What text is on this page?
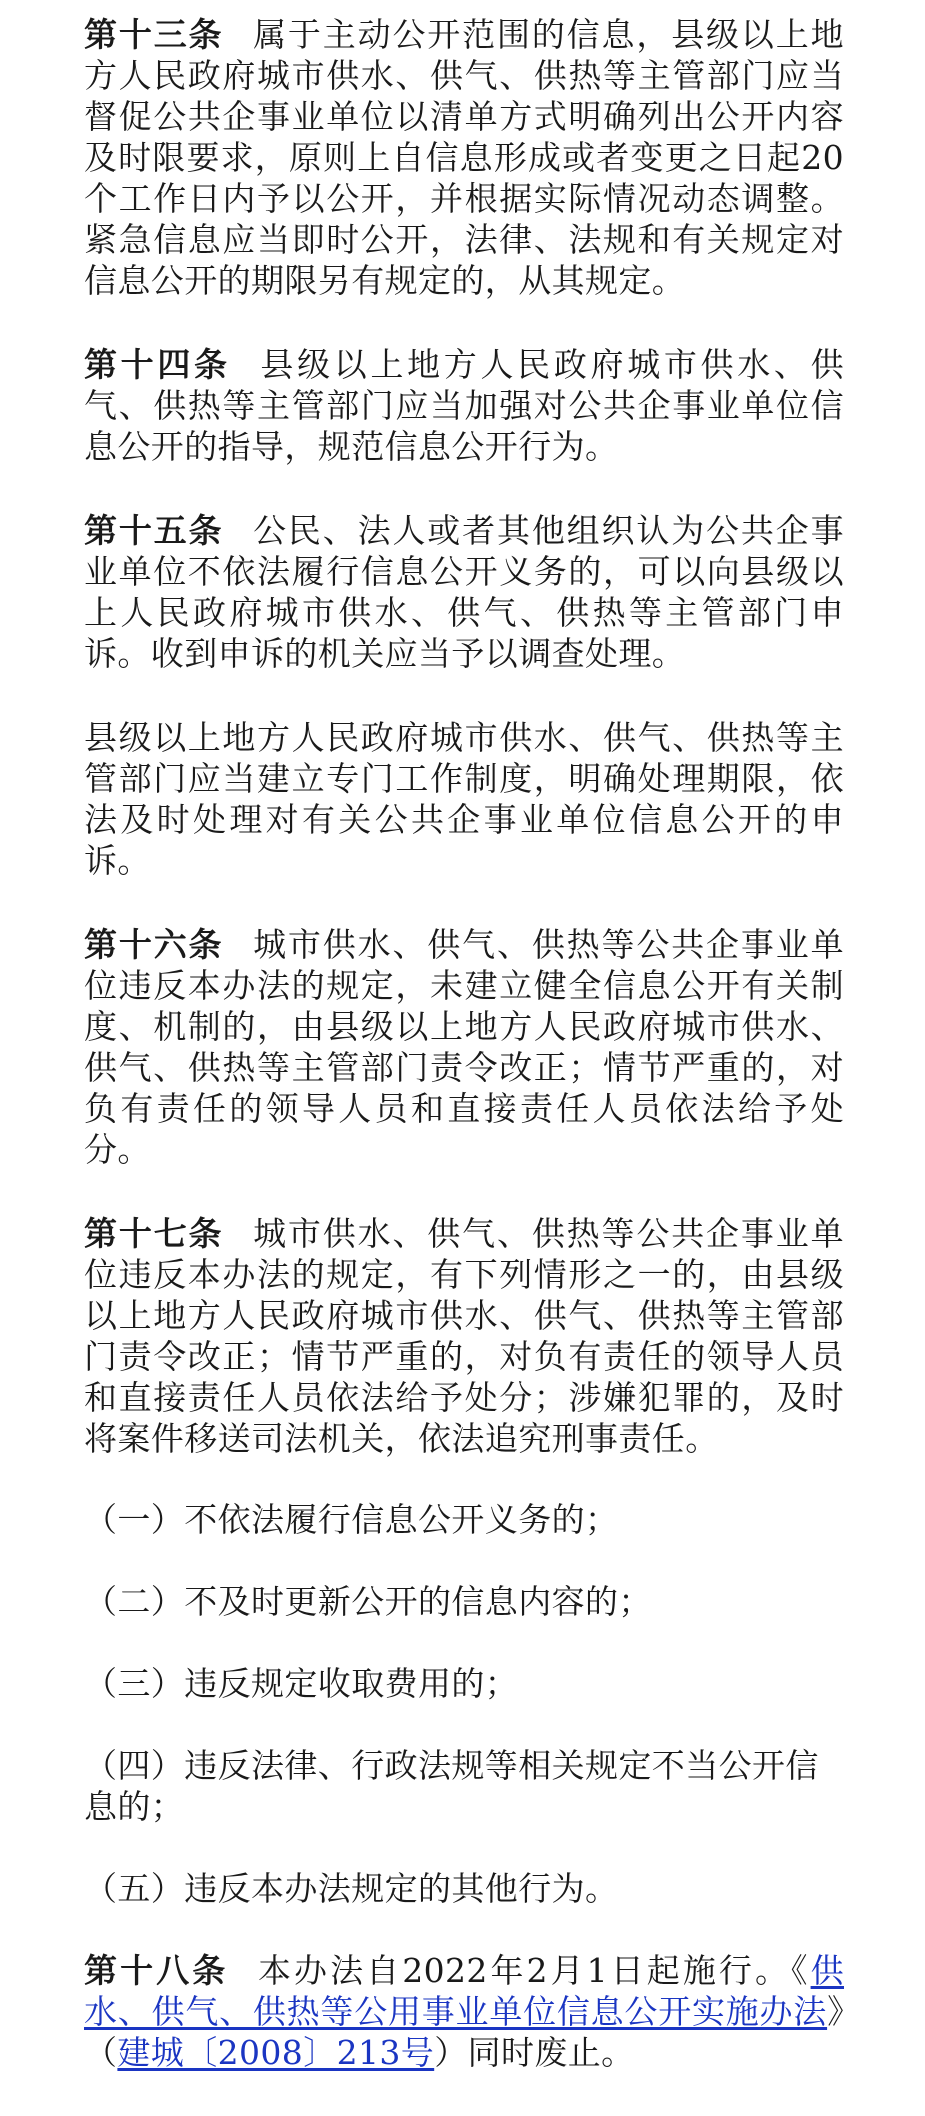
第十三条 属于主动公开范围的信息，县级以上地方人民政府城市供水、供气、供热等主管部门应当督促公共企事业单位以清单方式明确列出公开内容及时限要求，原则上自信息形成或者变更之日起20个工作日内予以公开，并根据实际情况动态调整。紧急信息应当即时公开，法律、法规和有关规定对信息公开的期限另有规定的，从其规定。

第十四条 县级以上地方人民政府城市供水、供气、供热等主管部门应当加强对公共企事业单位信息公开的指导，规范信息公开行为。

第十五条 公民、法人或者其他组织认为公共企事业单位不依法履行信息公开义务的，可以向县级以上人民政府城市供水、供气、供热等主管部门申诉。收到申诉的机关应当予以调查处理。

县级以上地方人民政府城市供水、供气、供热等主管部门应当建立专门工作制度，明确处理期限，依法及时处理对有关公共企事业单位信息公开的申诉。

第十六条 城市供水、供气、供热等公共企事业单位违反本办法的规定，未建立健全信息公开有关制度、机制的，由县级以上地方人民政府城市供水、供气、供热等主管部门责令改正；情节严重的，对负有责任的领导人员和直接责任人员依法给予处分。

第十七条 城市供水、供气、供热等公共企事业单位违反本办法的规定，有下列情形之一的，由县级以上地方人民政府城市供水、供气、供热等主管部门责令改正；情节严重的，对负有责任的领导人员和直接责任人员依法给予处分；涉嫌犯罪的，及时将案件移送司法机关，依法追究刑事责任。

（一）不依法履行信息公开义务的；

（二）不及时更新公开的信息内容的；

（三）违反规定收取费用的；

（四）违反法律、行政法规等相关规定不当公开信息的；

（五）违反本办法规定的其他行为。

第十八条 本办法自2022年2月1日起施行。《供水、供气、供热等公用事业单位信息公开实施办法》（建城〔2008〕213号）同时废止。
